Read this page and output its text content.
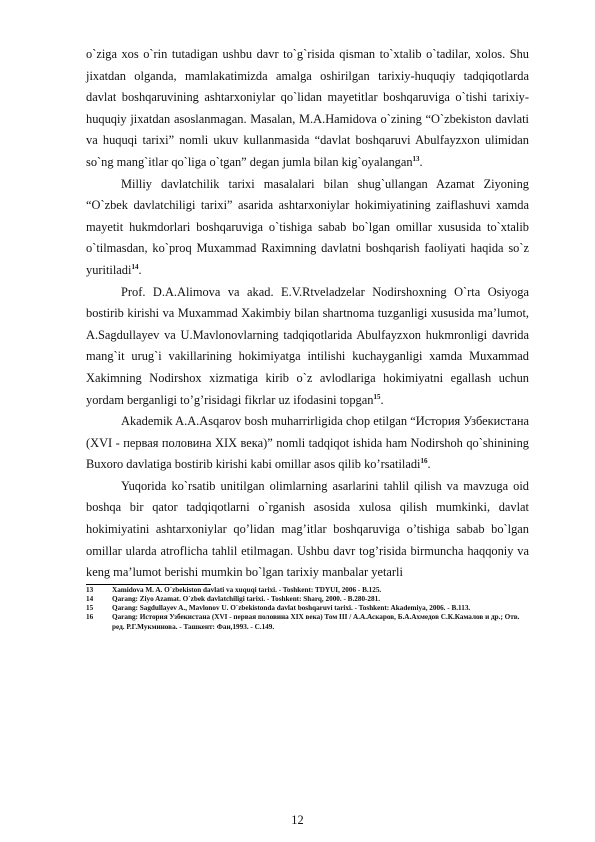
o`ziga xos o`rin tutadigan ushbu davr to`g`risida qisman to`xtalib o`tadilar, xolos. Shu jixatdan olganda, mamlakatimizda amalga oshirilgan tarixiy-huquqiy tadqiqotlarda davlat boshqaruvining ashtarxoniylar qo`lidan mayetitlar boshqaruviga o`tishi tarixiy-huquqiy jixatdan asoslanmagan. Masalan, M.A.Hamidova o`zining “O`zbekiston davlati va huquqi tarixi” nomli ukuv kullanmasida “davlat boshqaruvi Abulfayzxon ulimidan so`ng mang`itlar qo`liga o`tgan” degan jumla bilan kig`oyalangan$^{13}$.

Milliy davlatchilik tarixi masalalari bilan shug`ullangan Azamat Ziyoning “O`zbek davlatchiligi tarixi” asarida ashtarxoniylar hokimiyatining zaiflashuvi xamda mayetit hukmdorlari boshqaruviga o`tishiga sabab bo`lgan omillar xususida to`xtalib o`tilmasdan, ko`proq Muxammad Raximning davlatni boshqarish faoliyati haqida so`z yuritiladi$^{14}$.

Prof. D.A.Alimova va akad. E.V.Rtveladzelar Nodirshoxning O`rta Osiyoga bostirib kirishi va Muxammad Xakimbiy bilan shartnoma tuzganligi xususida ma’lumot, A.Sagdullayev va U.Mavlonovlarning tadqiqotlarida Abulfayzxon hukmronligi davrida mang`it urug`i vakillarining hokimiyatga intilishi kuchayganligi xamda Muxammad Xakimning Nodirshox xizmatiga kirib o`z avlodlariga hokimiyatni egallash uchun yordam berganligi to’g’risidagi fikrlar uz ifodasini topgan$^{15}$.

Akademik A.A.Asqarov bosh muharrirligida chop etilgan “История Узбекистана (XVI - первая половина XIX века)” nomli tadqiqot ishida ham Nodirshoh qo`shinining Buxoro davlatiga bostirib kirishi kabi omillar asos qilib ko’rsatiladi$^{16}$.

Yuqorida ko`rsatib unitilgan olimlarning asarlarini tahlil qilish va mavzuga oid boshqa bir qator tadqiqotlarni o`rganish asosida xulosa qilish mumkinki, davlat hokimiyatini ashtarxoniylar qo’lidan mag’itlar boshqaruviga o’tishiga sabab bo`lgan omillar ularda atroflicha tahlil etilmagan. Ushbu davr tog’risida birmuncha haqqoniy va keng ma’lumot berishi mumkin bo`lgan tarixiy manbalar yetarli

13	Xamidova M. A. O`zbekiston davlati va xuquqi tarixi. - Toshkent: TDYUI, 2006 - B.125.
14	Qarang: Ziyo Azamat. O`zbek davlatchiligi tarixi. - Toshkent: Sharq, 2000. - B.280-281.
15	Qarang: Sagdullayev A., Mavlonov U. O`zbekistonda davlat boshqaruvi tarixi. - Toshkent: Akademiya, 2006. - B.113.
16	Qarang: История Узбекистана (XVI - первая половина XIX века) Том III / А.А.Аскаров, Б.А.Ахмедов С.К.Камалов и др.; Отв. ред. Р.Г.Мукминова. - Ташкент: Фан,1993. - С.149.
12
